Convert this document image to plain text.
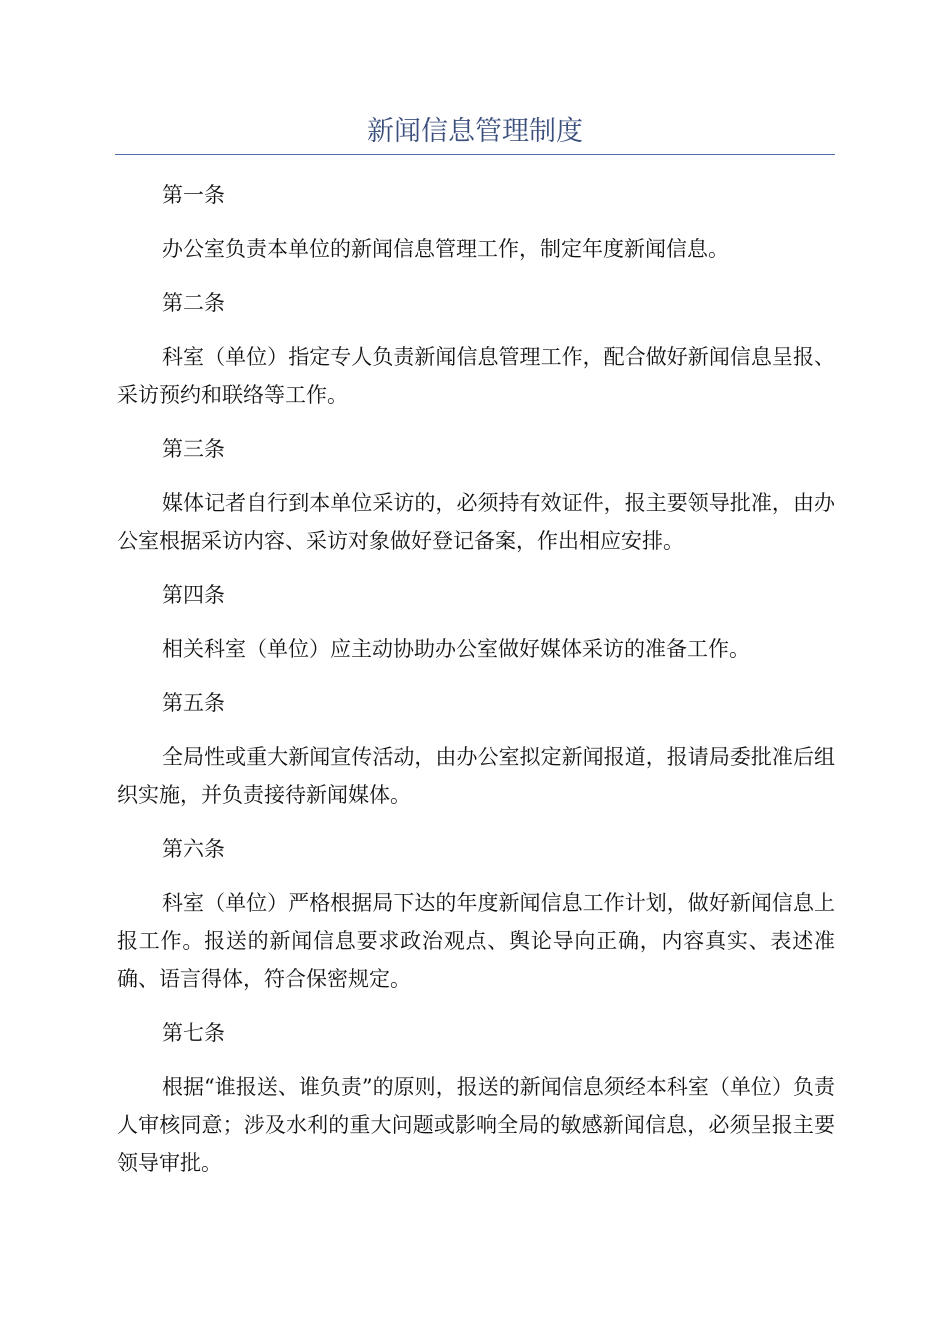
新闻信息管理制度

第一条

办公室负责本单位的新闻信息管理工作，制定年度新闻信息。

第二条

科室（单位）指定专人负责新闻信息管理工作，配合做好新闻信息呈报、采访预约和联络等工作。

第三条

媒体记者自行到本单位采访的，必须持有效证件，报主要领导批准，由办公室根据采访内容、采访对象做好登记备案，作出相应安排。

第四条

相关科室（单位）应主动协助办公室做好媒体采访的准备工作。

第五条

全局性或重大新闻宣传活动，由办公室拟定新闻报道，报请局委批准后组织实施，并负责接待新闻媒体。

第六条

科室（单位）严格根据局下达的年度新闻信息工作计划，做好新闻信息上报工作。报送的新闻信息要求政治观点、舆论导向正确，内容真实、表述准确、语言得体，符合保密规定。

第七条

根据“谁报送、谁负责”的原则，报送的新闻信息须经本科室（单位）负责人审核同意；涉及水利的重大问题或影响全局的敏感新闻信息，必须呈报主要领导审批。
